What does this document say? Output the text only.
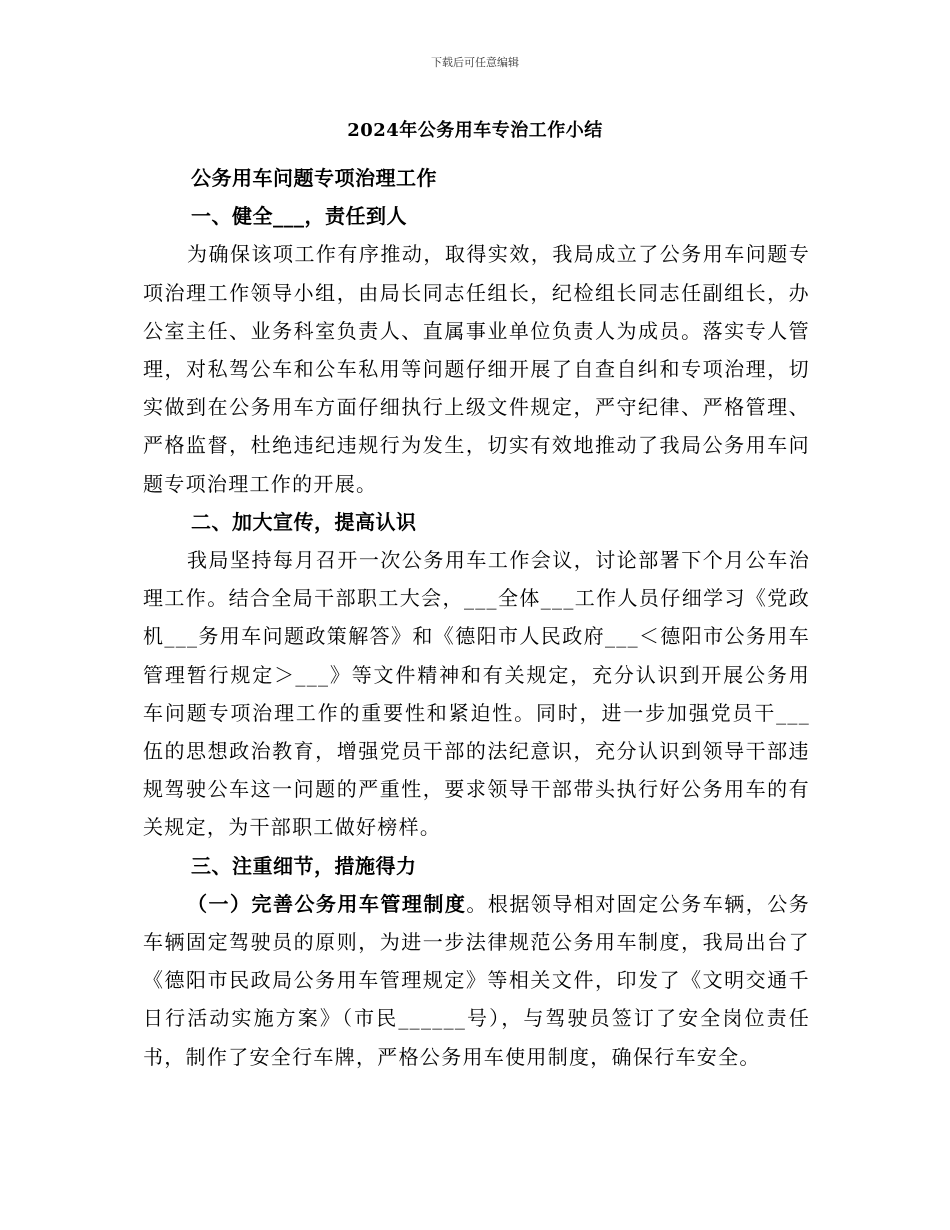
下载后可任意编辑
2024年公务用车专治工作小结

公务用车问题专项治理工作

一、健全___，责任到人

为确保该项工作有序推动，取得实效，我局成立了公务用车问题专项治理工作领导小组，由局长同志任组长，纪检组长同志任副组长，办公室主任、业务科室负责人、直属事业单位负责人为成员。落实专人管理，对私驾公车和公车私用等问题仔细开展了自查自纠和专项治理，切实做到在公务用车方面仔细执行上级文件规定，严守纪律、严格管理、严格监督，杜绝违纪违规行为发生，切实有效地推动了我局公务用车问题专项治理工作的开展。

二、加大宣传，提高认识

我局坚持每月召开一次公务用车工作会议，讨论部署下个月公车治理工作。结合全局干部职工大会，___全体___工作人员仔细学习《党政机___务用车问题政策解答》和《德阳市人民政府___＜德阳市公务用车管理暂行规定＞___》等文件精神和有关规定，充分认识到开展公务用车问题专项治理工作的重要性和紧迫性。同时，进一步加强党员干___伍的思想政治教育，增强党员干部的法纪意识，充分认识到领导干部违规驾驶公车这一问题的严重性，要求领导干部带头执行好公务用车的有关规定，为干部职工做好榜样。

三、注重细节，措施得力

（一）完善公务用车管理制度。根据领导相对固定公务车辆，公务车辆固定驾驶员的原则，为进一步法律规范公务用车制度，我局出台了《德阳市民政局公务用车管理规定》等相关文件，印发了《文明交通千日行活动实施方案》（市民______号），与驾驶员签订了安全岗位责任书，制作了安全行车牌，严格公务用车使用制度，确保行车安全。
